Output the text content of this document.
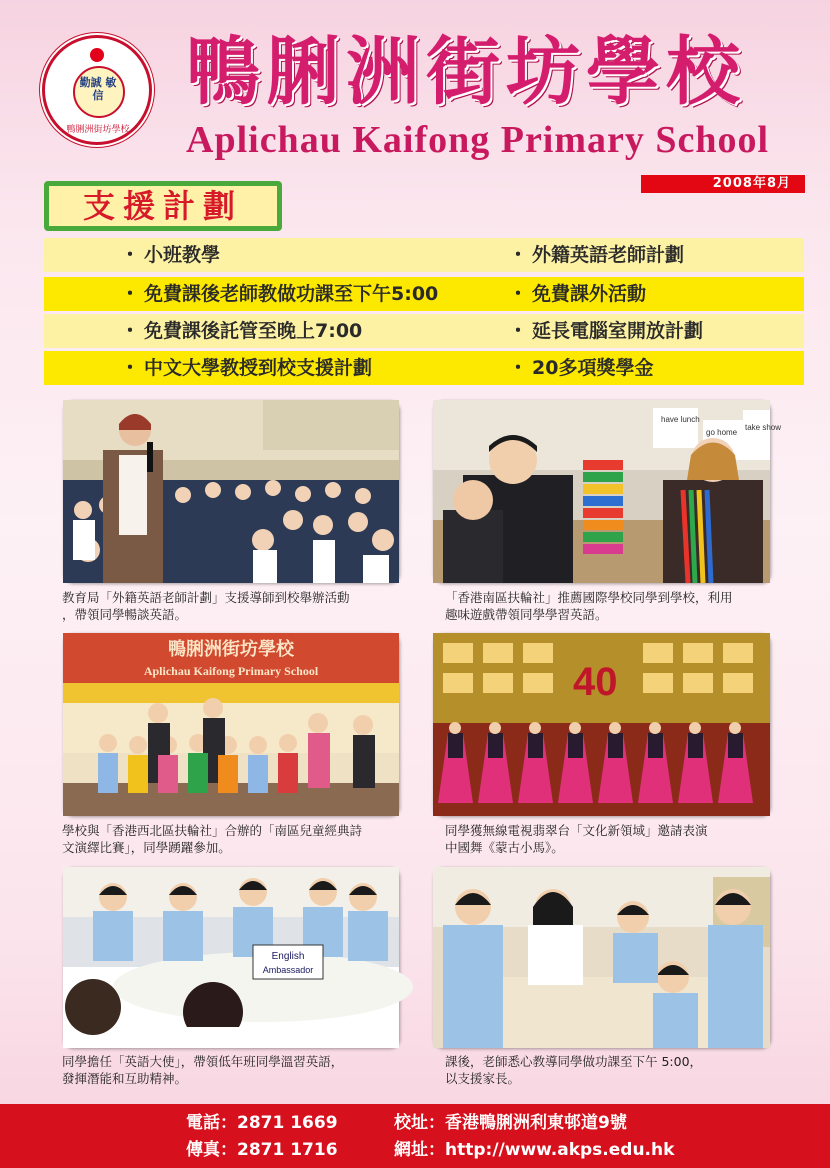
勤誠 敏信
鴨脷洲街坊學校
鴨脷洲街坊學校
Aplichau Kaifong Primary School
2008年8月
支援計劃
・ 小班教學	・ 外籍英語老師計劃
・ 免費課後老師教做功課至下午5:00	・ 免費課外活動
・ 免費課後託管至晚上7:00	・ 延長電腦室開放計劃
・ 中文大學教授到校支援計劃	・ 20多項獎學金
教育局「外籍英語老師計劃」支援導師到校舉辦活動
，帶領同學暢談英語。
have lunch
go home
take show
「香港南區扶輪社」推薦國際學校同學到學校，利用
趣味遊戲帶領同學學習英語。
鴨脷洲街坊學校
Aplichau Kaifong Primary School
學校與「香港西北區扶輪社」合辦的「南區兒童經典詩
文演繹比賽」，同學踴躍參加。
40
同學獲無線電視翡翠台「文化新領域」邀請表演
中國舞《蒙古小馬》。
English
Ambassador
同學擔任「英語大使」，帶領低年班同學溫習英語，
發揮潛能和互助精神。
課後，老師悉心教導同學做功課至下午 5:00，
以支援家長。
電話：2871 1669
傳真：2871 1716
校址：香港鴨脷洲利東邨道9號
網址：http://www.akps.edu.hk
